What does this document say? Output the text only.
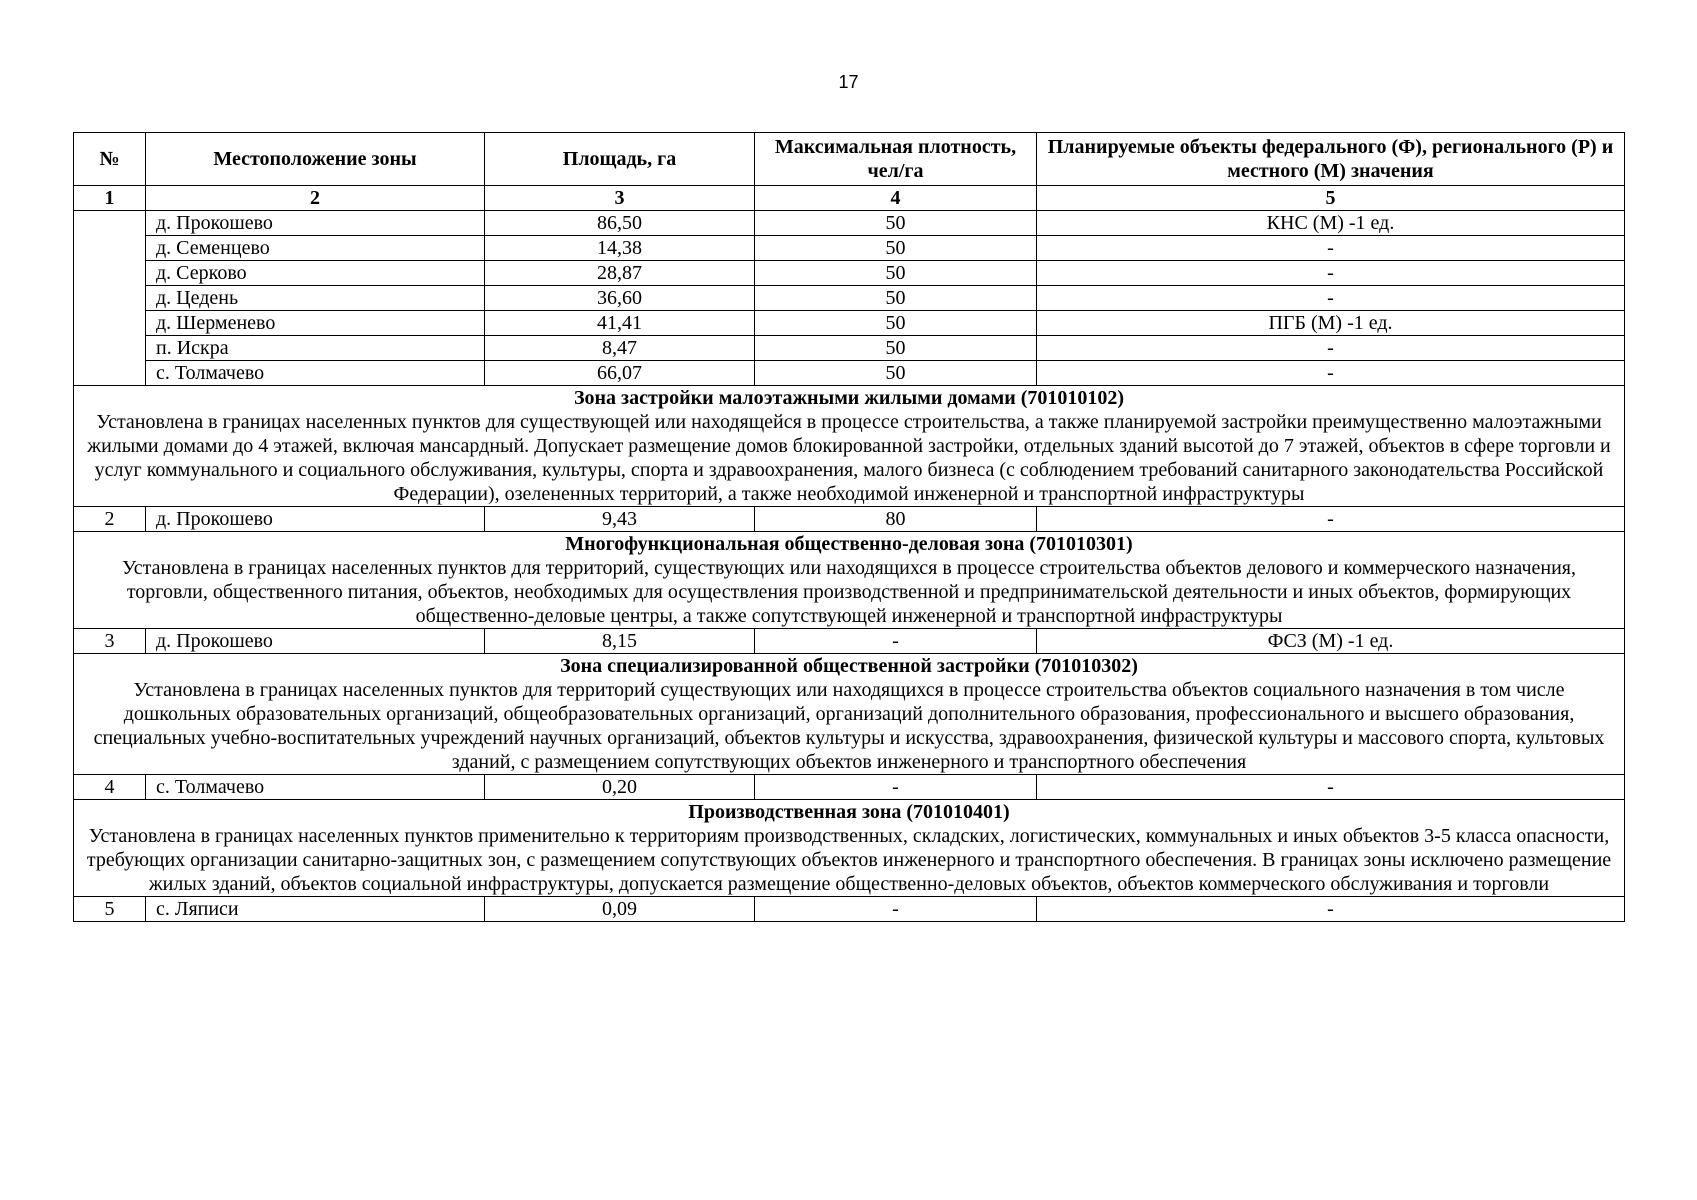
17
№	Местоположение зоны	Площадь, га	Максимальная плотность, чел/га	Планируемые объекты федерального (Ф), регионального (Р) и местного (М) значения
1	2	3	4	5
	д. Прокошево	86,50	50	КНС (М) -1 ед.
	д. Семенцево	14,38	50	-
	д. Серково	28,87	50	-
	д. Цедень	36,60	50	-
	д. Шерменево	41,41	50	ПГБ (М) -1 ед.
	п. Искра	8,47	50	-
	с. Толмачево	66,07	50	-
Зона застройки малоэтажными жилыми домами (701010102)				
Установлена в границах населенных пунктов для существующей или находящейся в процессе строительства, а также планируемой застройки преимущественно малоэтажными жилыми домами до 4 этажей, включая мансардный. Допускает размещение домов блокированной застройки, отдельных зданий высотой до 7 этажей, объектов в сфере торговли и услуг коммунального и социального обслуживания, культуры, спорта и здравоохранения, малого бизнеса (с соблюдением требований санитарного законодательства Российской Федерации), озелененных территорий, а также необходимой инженерной и транспортной инфраструктуры				
2	д. Прокошево	9,43	80	-
Многофункциональная общественно-деловая зона (701010301)				
Установлена в границах населенных пунктов для территорий, существующих или находящихся в процессе строительства объектов делового и коммерческого назначения, торговли, общественного питания, объектов, необходимых для осуществления производственной и предпринимательской деятельности и иных объектов, формирующих общественно-деловые центры, а также сопутствующей инженерной и транспортной инфраструктуры				
3	д. Прокошево	8,15	-	ФСЗ (М) -1 ед.
Зона специализированной общественной застройки (701010302)				
Установлена в границах населенных пунктов для территорий существующих или находящихся в процессе строительства объектов социального назначения в том числе дошкольных образовательных организаций, общеобразовательных организаций, организаций дополнительного образования, профессионального и высшего образования, специальных учебно-воспитательных учреждений научных организаций, объектов культуры и искусства, здравоохранения, физической культуры и массового спорта, культовых зданий, с размещением сопутствующих объектов инженерного и транспортного обеспечения				
4	с. Толмачево	0,20	-	-
Производственная зона (701010401)				
Установлена в границах населенных пунктов применительно к территориям производственных, складских, логистических, коммунальных и иных объектов 3-5 класса опасности, требующих организации санитарно-защитных зон, с размещением сопутствующих объектов инженерного и транспортного обеспечения. В границах зоны исключено размещение жилых зданий, объектов социальной инфраструктуры, допускается размещение общественно-деловых объектов, объектов коммерческого обслуживания и торговли				
5	с. Ляписи	0,09	-	-
